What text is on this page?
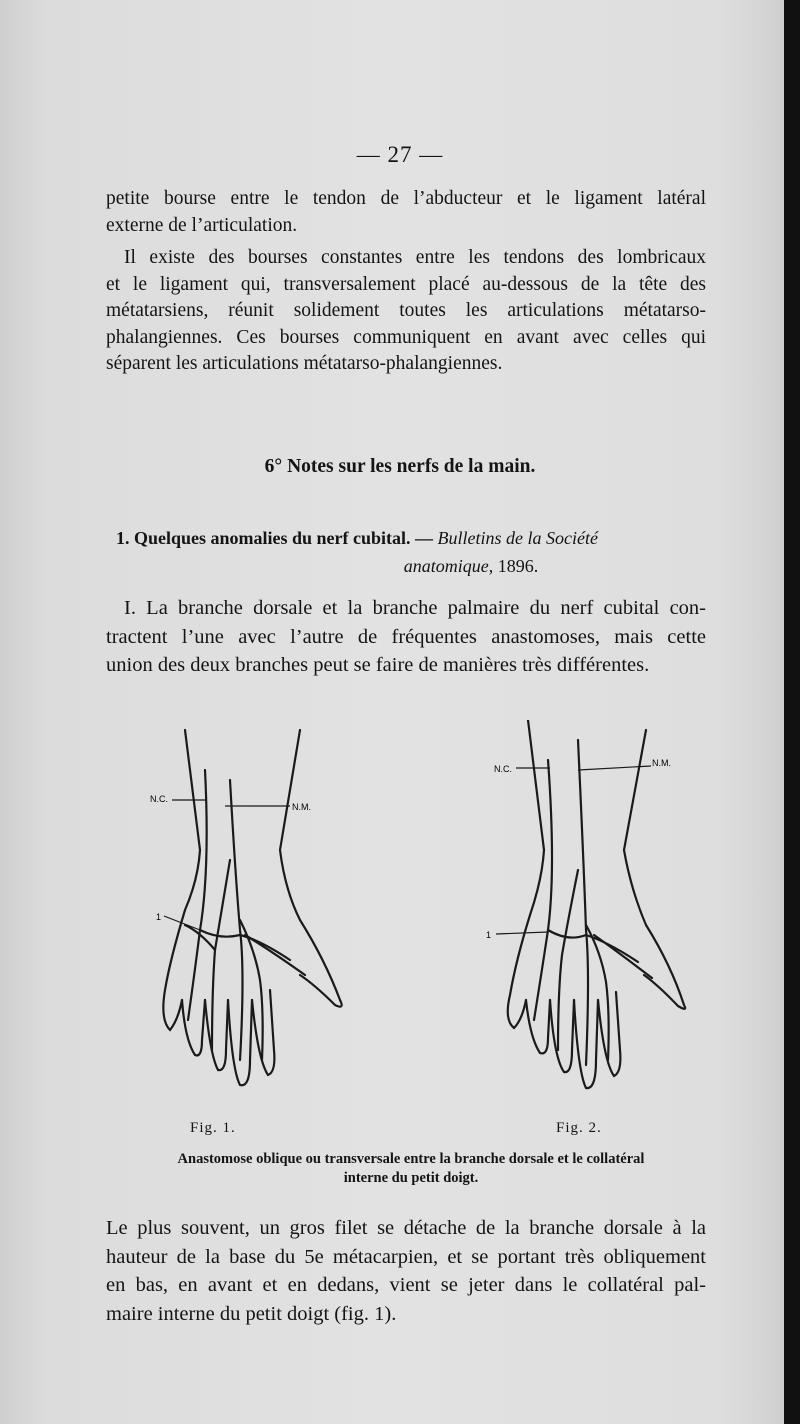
— 27 —
petite bourse entre le tendon de l’abducteur et le ligament latéral
externe de l’articulation.
Il existe des bourses constantes entre les tendons des lombricaux
et le ligament qui, transversalement placé au-dessous de la tête des
métatarsiens, réunit solidement toutes les articulations métatarso-
phalangiennes. Ces bourses communiquent en avant avec celles qui
séparent les articulations métatarso-phalangiennes.
6° Notes sur les nerfs de la main.
1. Quelques anomalies du nerf cubital. — Bulletins de la Société
anatomique, 1896.
I. La branche dorsale et la branche palmaire du nerf cubital con-
tractent l’une avec l’autre de fréquentes anastomoses, mais cette
union des deux branches peut se faire de manières très différentes.
N.C.
N.M.
1
N.C.
N.M.
1
Fig. 1.	Fig. 2.
Anastomose oblique ou transversale entre la branche dorsale et le collatéral
interne du petit doigt.
Le plus souvent, un gros filet se détache de la branche dorsale à la
hauteur de la base du 5e métacarpien, et se portant très obliquement
en bas, en avant et en dedans, vient se jeter dans le collatéral pal-
maire interne du petit doigt (fig. 1).
